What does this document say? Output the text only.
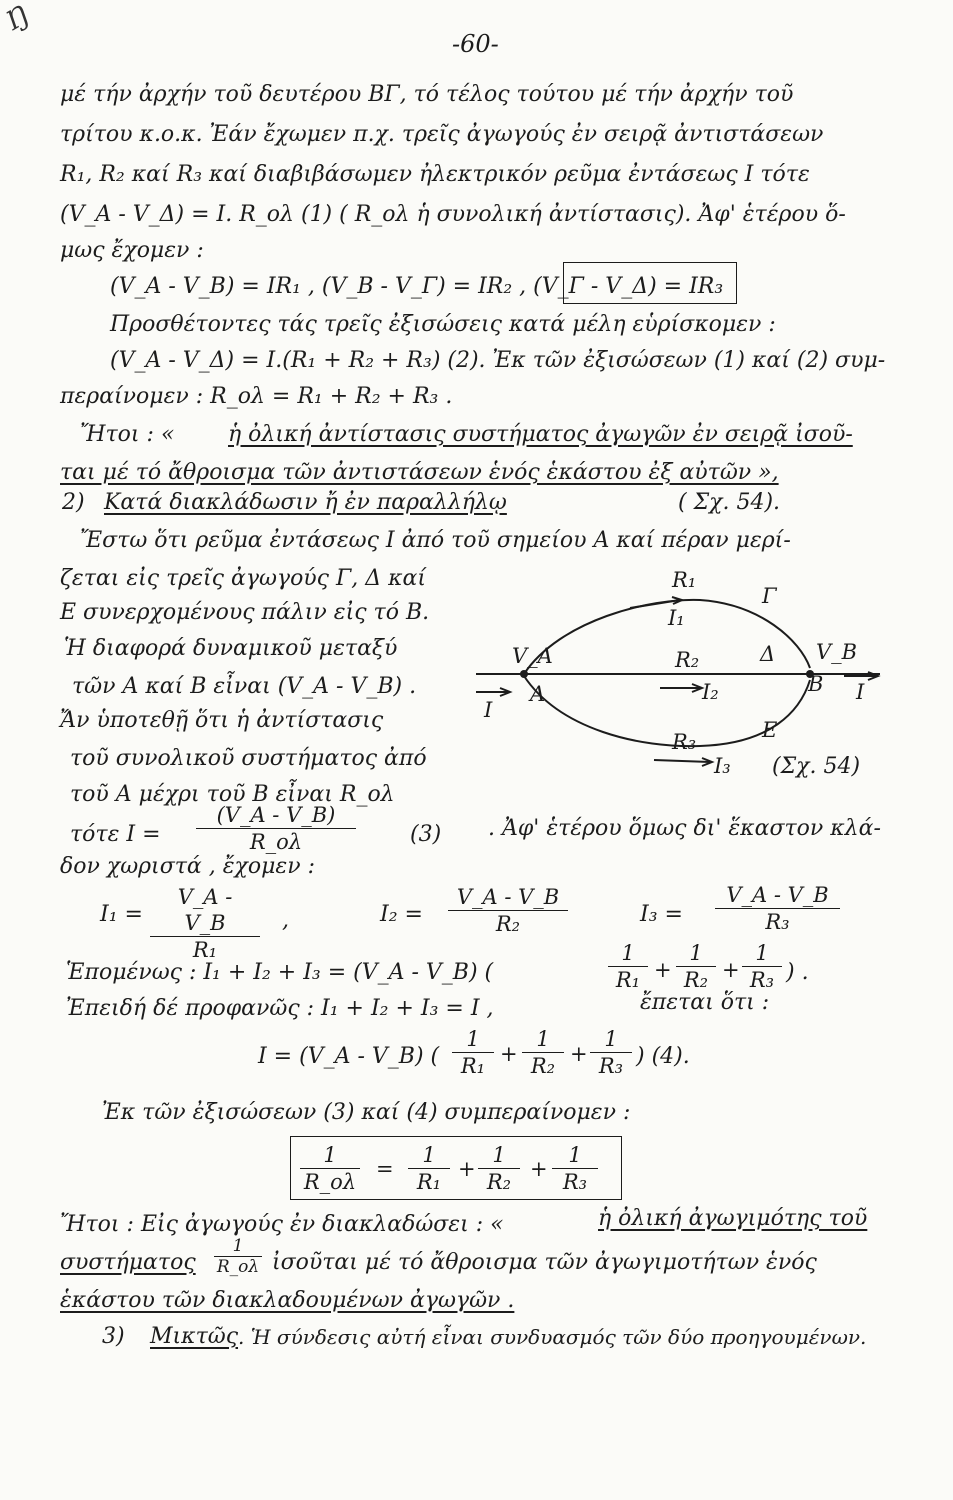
Ŋ
-60-
μέ τήν ἀρχήν τοῦ δευτέρου ΒΓ, τό τέλος τούτου μέ τήν ἀρχήν τοῦ
τρίτου κ.ο.κ. Ἐάν ἔχωμεν π.χ. τρεῖς ἀγωγούς ἐν σειρᾷ ἀντιστάσεων
R₁, R₂ καί R₃ καί διαβιβάσωμεν ἠλεκτρικόν ρεῦμα ἐντάσεως I τότε
(V_A - V_Δ) = I. R_ολ (1) ( R_ολ ἡ συνολική ἀντίστασις). Ἀφ' ἑτέρου ὅ-
μως ἔχομεν :
(V_A - V_B) = IR₁ , (V_B - V_Γ) = IR₂ , (V_Γ - V_Δ) = IR₃
Προσθέτοντες τάς τρεῖς ἐξισώσεις κατά μέλη εὑρίσκομεν :
(V_A - V_Δ) = I.(R₁ + R₂ + R₃) (2). Ἐκ τῶν ἐξισώσεων (1) καί (2) συμ-
περαίνομεν : R_ολ = R₁ + R₂ + R₃ .
Ἤτοι : « ἡ ὀλική ἀντίστασις συστήματος ἀγωγῶν ἐν σειρᾷ ἰσοῦ-
ται μέ τό ἄθροισμα τῶν ἀντιστάσεων ἑνός ἑκάστου ἐξ αὐτῶν »,
2) Κατά διακλάδωσιν ἤ ἐν παραλλήλῳ	( Σχ. 54).
Ἔστω ὅτι ρεῦμα ἐντάσεως I ἀπό τοῦ σημείου A καί πέραν μερί-
ζεται εἰς τρεῖς ἀγωγούς Γ, Δ καί
Ε συνερχομένους πάλιν εἰς τό B.
Ἡ διαφορά δυναμικοῦ μεταξύ
τῶν A καί B εἶναι (V_A - V_B) .
Ἄν ὑποτεθῇ ὅτι ἡ ἀντίστασις
τοῦ συνολικοῦ συστήματος ἀπό
τοῦ A μέχρι τοῦ B εἶναι R_ολ
τότε $I = \frac{(V\_A - V\_B)}{R\_o\lambda} (3)$ . Ἀφ' ἑτέρου ὅμως δι' ἕκαστον κλά-
δον χωριστά , ἔχομεν :
$I_1 = \frac{V\_A - V\_B}{\text{R₁}}$ ,	$I_2 = \frac{V\_A - V\_B}{\text{R₂}}$	$I_3 = \frac{V\_A - V\_B}{\text{R₃}}$
Ἑπομένως : I₁ + I₂ + I₃ = (V_A - V_B) (	$\frac{1}{\text{R₁}} + \frac{1}{\text{R₂}} + \frac{1}{\text{R₃}}$ ) .
Ἐπειδή δέ προφανῶς : I₁ + I₂ + I₃ = I ,	ἔπεται ὅτι :
I = (V_A - V_B) ( $\frac{1}{\text{R₁}} + \frac{1}{\text{R₂}} + \frac{1}{\text{R₃}}$ ) (4).
Ἐκ τῶν ἐξισώσεων (3) καί (4) συμπεραίνομεν :
$\frac{1}{R\_o\lambda} = \frac{1}{\text{R₁}} + \frac{1}{\text{R₂}} + \frac{1}{\text{R₃}}$
Ἤτοι : Εἰς ἀγωγούς ἐν διακλαδώσει : «	ἡ ὀλική ἀγωγιμότης τοῦ
συστήματος $\frac{1}{R\_o\lambda}$ ἰσοῦται μέ τό ἄθροισμα τῶν ἀγωγιμοτήτων ἑνός
ἑκάστου τῶν διακλαδουμένων ἀγωγῶν .
3) Μικτῶς . Ἡ σύνδεσις αὐτή εἶναι συνδυασμός τῶν δύο προηγουμένων.
R₁
Γ
I₁
V_A	R₂	Δ V_B
A	I₂	B
I
I
R₃	Ε
I₃ (Σχ. 54)
